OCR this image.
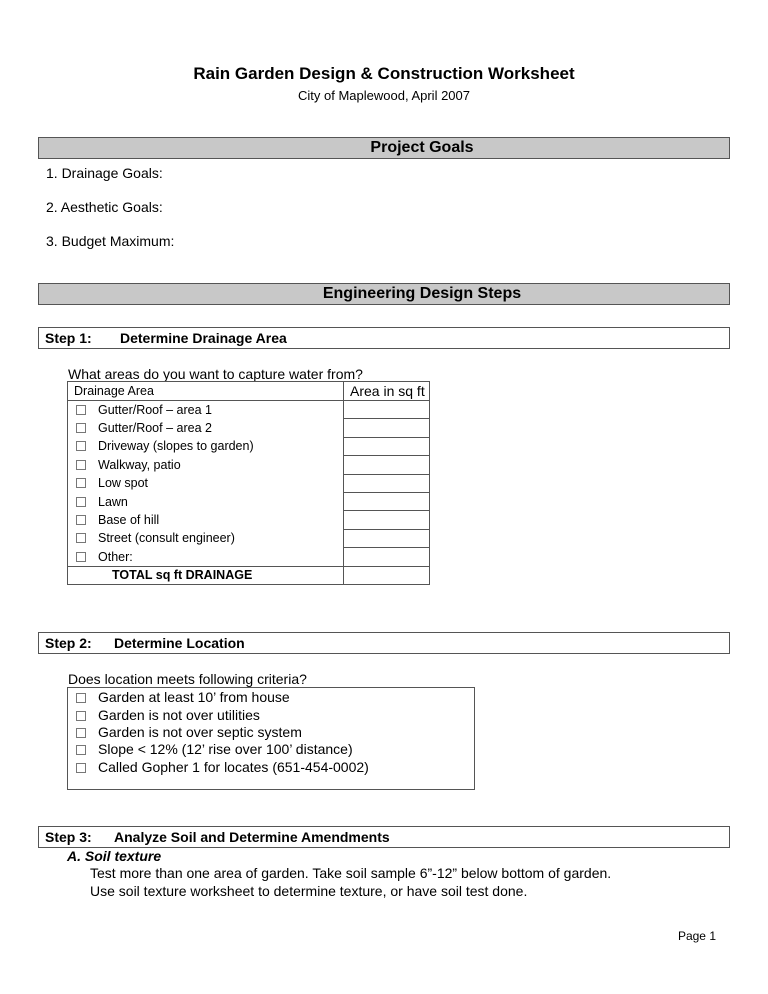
Rain Garden Design & Construction Worksheet
City of Maplewood, April 2007
Project Goals
1. Drainage Goals:
2. Aesthetic Goals:
3. Budget Maximum:
Engineering Design Steps
Step 1: Determine Drainage Area
What areas do you want to capture water from?
Drainage Area	Area in sq ft
Gutter/Roof – area 1	
Gutter/Roof – area 2	
Driveway (slopes to garden)	
Walkway, patio	
Low spot	
Lawn	
Base of hill	
Street (consult engineer)	
Other:	
TOTAL sq ft DRAINAGE	
Step 2: Determine Location
Does location meets following criteria?
Garden at least 10’ from house
Garden is not over utilities
Garden is not over septic system
Slope < 12% (12’ rise over 100’ distance)
Called Gopher 1 for locates (651-454-0002)
Step 3: Analyze Soil and Determine Amendments
A. Soil texture
Test more than one area of garden. Take soil sample 6”-12” below bottom of garden.
Use soil texture worksheet to determine texture, or have soil test done.
Page 1
